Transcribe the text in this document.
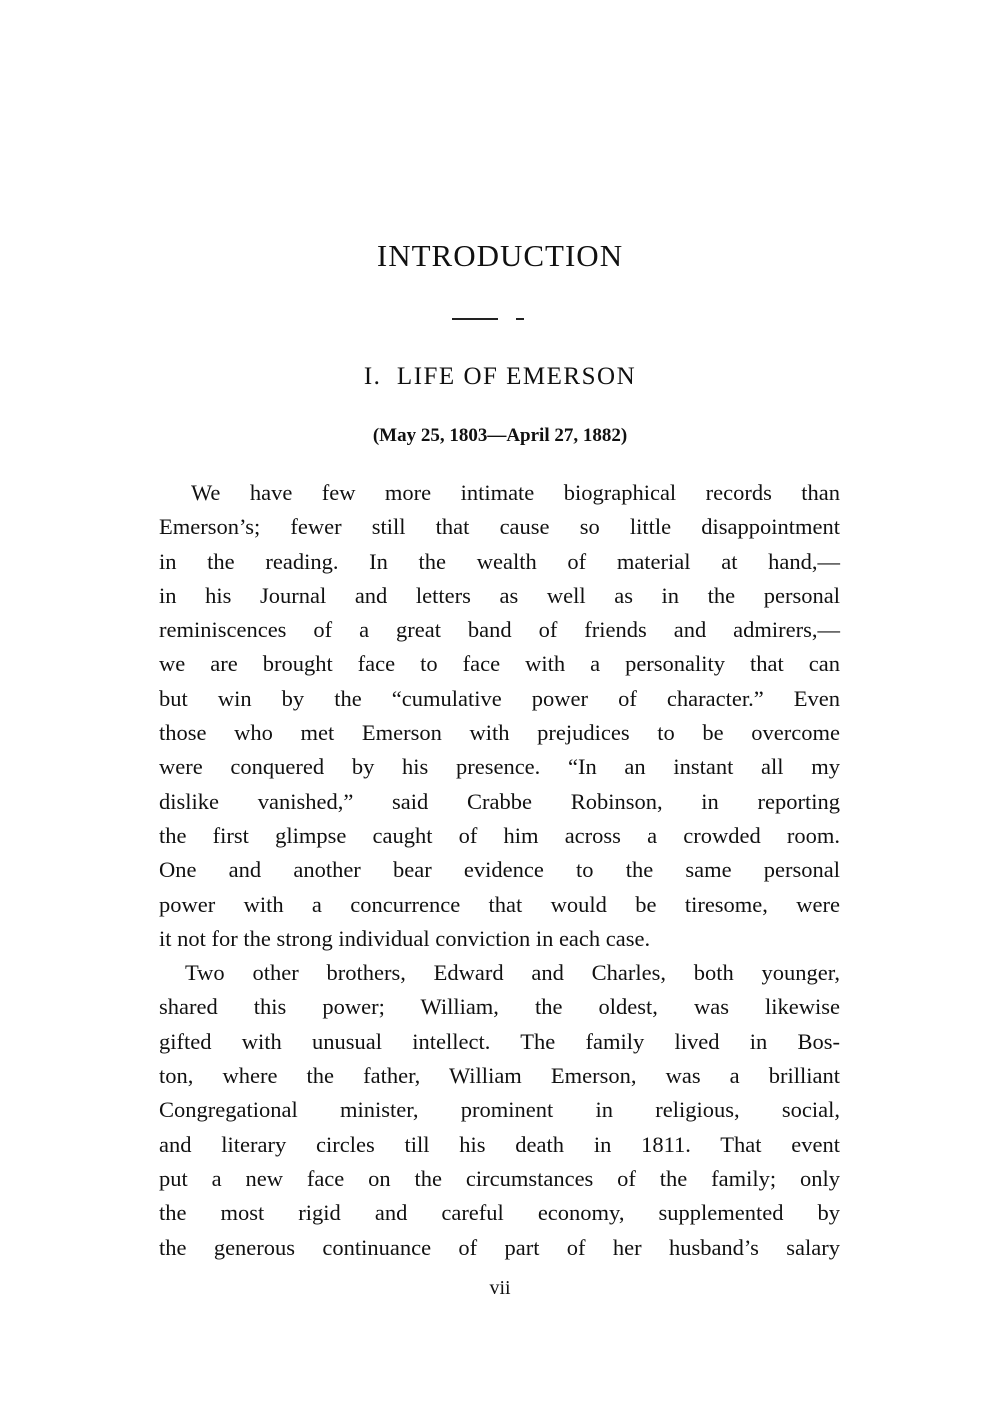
INTRODUCTION
I.  LIFE OF EMERSON
(May 25, 1803—April 27, 1882)
We have few more intimate biographical records than
Emerson’s; fewer still that cause so little disappointment
in the reading. In the wealth of material at hand,—
in his Journal and letters as well as in the personal
reminiscences of a great band of friends and admirers,—
we are brought face to face with a personality that can
but win by the “cumulative power of character.” Even
those who met Emerson with prejudices to be overcome
were conquered by his presence. “In an instant all my
dislike vanished,” said Crabbe Robinson, in reporting
the first glimpse caught of him across a crowded room.
One and another bear evidence to the same personal
power with a concurrence that would be tiresome, were
it not for the strong individual conviction in each case.
Two other brothers, Edward and Charles, both younger,
shared this power; William, the oldest, was likewise
gifted with unusual intellect. The family lived in Bos-
ton, where the father, William Emerson, was a brilliant
Congregational minister, prominent in religious, social,
and literary circles till his death in 1811. That event
put a new face on the circumstances of the family; only
the most rigid and careful economy, supplemented by
the generous continuance of part of her husband’s salary
vii
